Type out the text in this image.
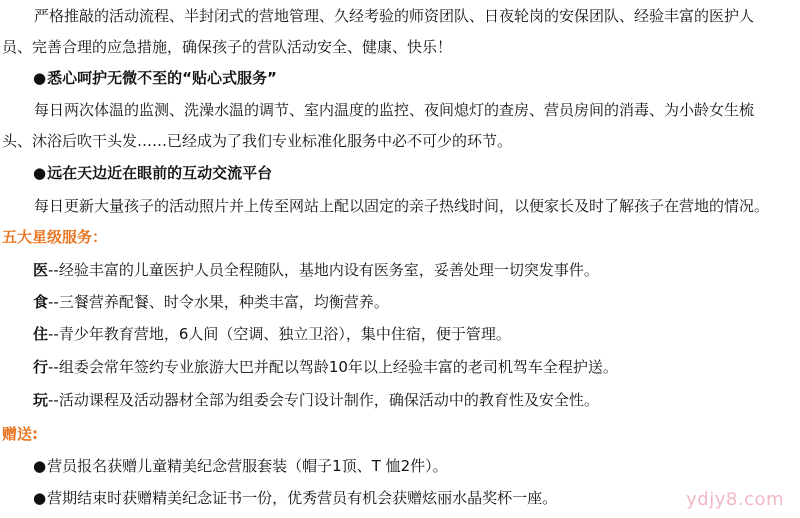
严格推敲的活动流程、半封闭式的营地管理、久经考验的师资团队、日夜轮岗的安保团队、经验丰富的医护人
员、完善合理的应急措施，确保孩子的营队活动安全、健康、快乐！
●悉心呵护无微不至的“贴心式服务”
每日两次体温的监测、洗澡水温的调节、室内温度的监控、夜间熄灯的查房、营员房间的消毒、为小龄女生梳
头、沐浴后吹干头发……已经成为了我们专业标准化服务中必不可少的环节。
●远在天边近在眼前的互动交流平台
每日更新大量孩子的活动照片并上传至网站上配以固定的亲子热线时间，以便家长及时了解孩子在营地的情况。
五大星级服务：
医--经验丰富的儿童医护人员全程随队，基地内设有医务室，妥善处理一切突发事件。
食--三餐营养配餐、时令水果，种类丰富，均衡营养。
住--青少年教育营地，6人间（空调、独立卫浴），集中住宿，便于管理。
行--组委会常年签约专业旅游大巴并配以驾龄10年以上经验丰富的老司机驾车全程护送。
玩--活动课程及活动器材全部为组委会专门设计制作，确保活动中的教育性及安全性。
赠送:
●营员报名获赠儿童精美纪念营服套装（帽子1顶、T 恤2件）。
●营期结束时获赠精美纪念证书一份，优秀营员有机会获赠炫丽水晶奖杯一座。	ydjy8.com
